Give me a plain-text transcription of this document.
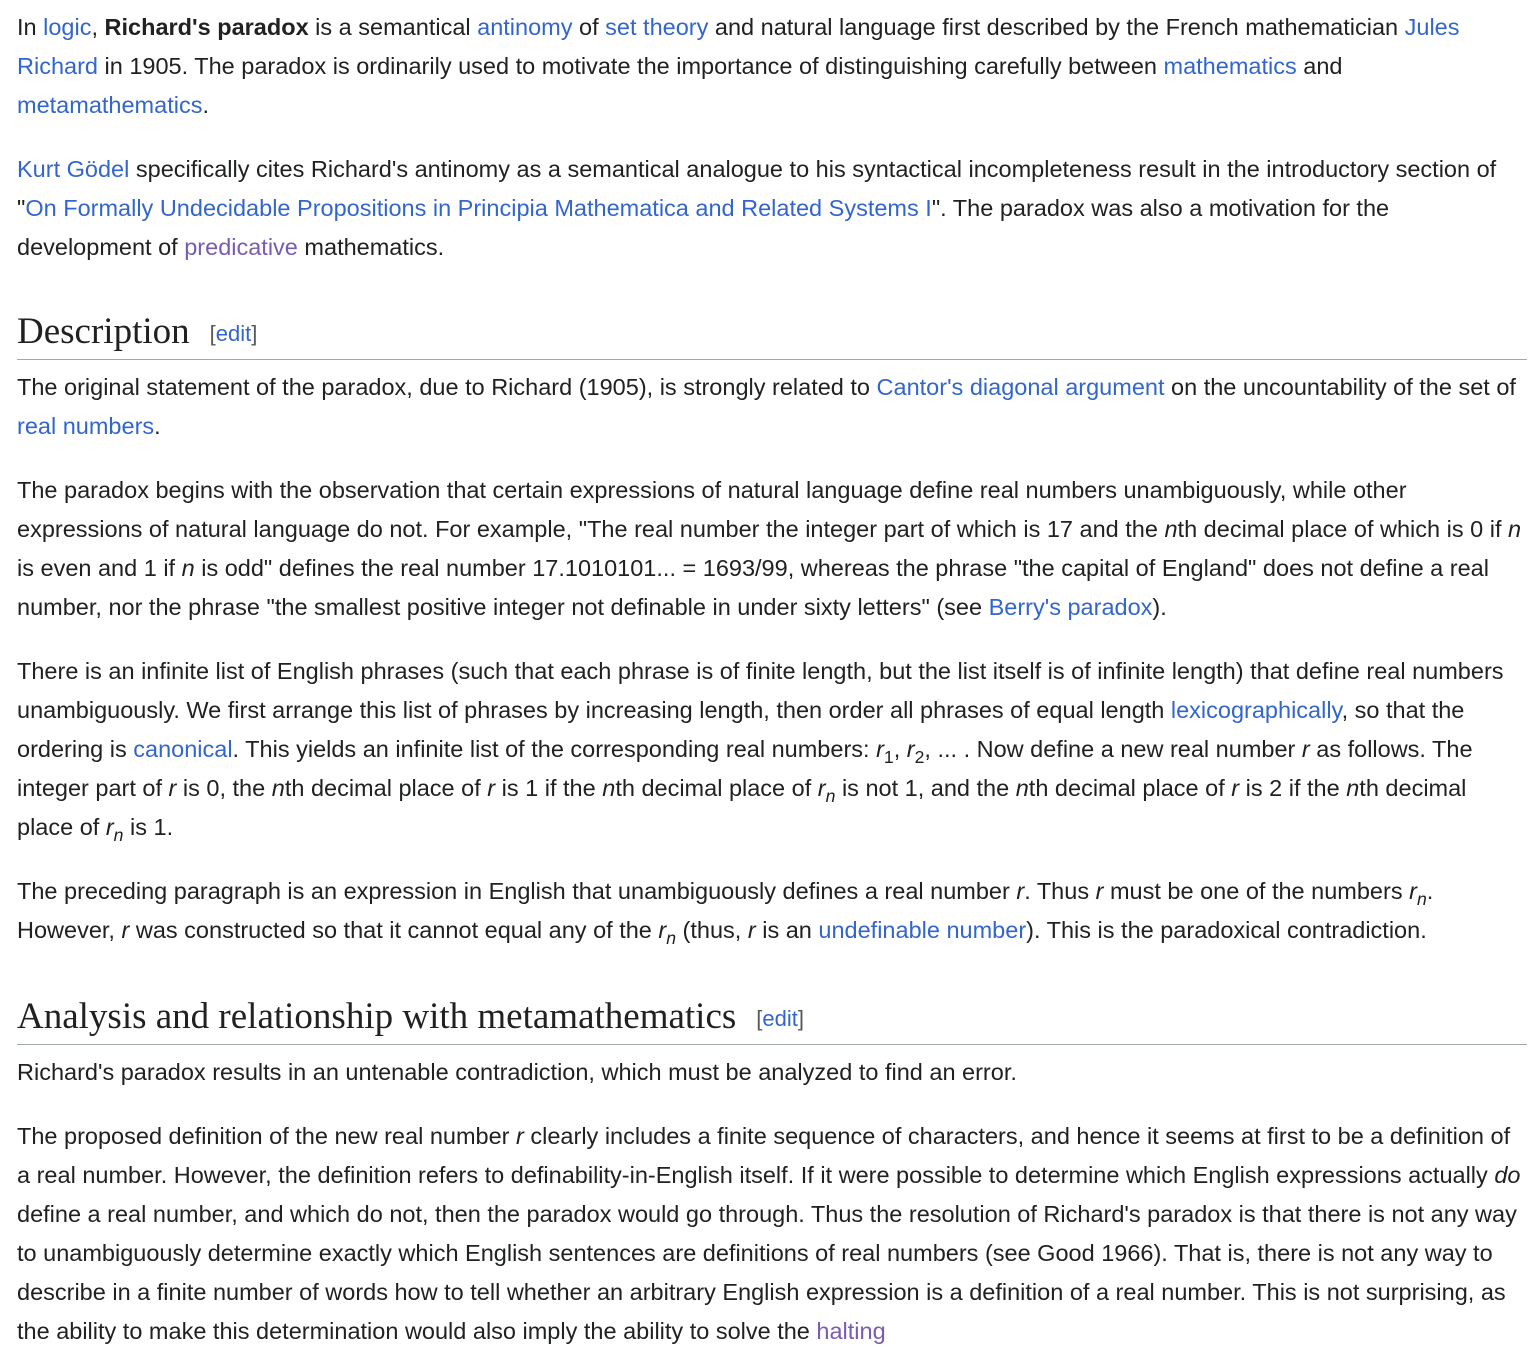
In logic, Richard's paradox is a semantical antinomy of set theory and natural language first described by the French mathematician Jules Richard in 1905. The paradox is ordinarily used to motivate the importance of distinguishing carefully between mathematics and metamathematics.

Kurt Gödel specifically cites Richard's antinomy as a semantical analogue to his syntactical incompleteness result in the introductory section of "On Formally Undecidable Propositions in Principia Mathematica and Related Systems I". The paradox was also a motivation for the development of predicative mathematics.

Description [edit]

The original statement of the paradox, due to Richard (1905), is strongly related to Cantor's diagonal argument on the uncountability of the set of real numbers.

The paradox begins with the observation that certain expressions of natural language define real numbers unambiguously, while other expressions of natural language do not. For example, "The real number the integer part of which is 17 and the nth decimal place of which is 0 if n is even and 1 if n is odd" defines the real number 17.1010101... = 1693/99, whereas the phrase "the capital of England" does not define a real number, nor the phrase "the smallest positive integer not definable in under sixty letters" (see Berry's paradox).

There is an infinite list of English phrases (such that each phrase is of finite length, but the list itself is of infinite length) that define real numbers unambiguously. We first arrange this list of phrases by increasing length, then order all phrases of equal length lexicographically, so that the ordering is canonical. This yields an infinite list of the corresponding real numbers: $r_1$, $r_2$, ... . Now define a new real number r as follows. The integer part of r is 0, the nth decimal place of r is 1 if the nth decimal place of $r_n$ is not 1, and the nth decimal place of r is 2 if the nth decimal place of $r_n$ is 1.

The preceding paragraph is an expression in English that unambiguously defines a real number r. Thus r must be one of the numbers $r_n$. However, r was constructed so that it cannot equal any of the $r_n$ (thus, r is an undefinable number). This is the paradoxical contradiction.

Analysis and relationship with metamathematics [edit]

Richard's paradox results in an untenable contradiction, which must be analyzed to find an error.

The proposed definition of the new real number r clearly includes a finite sequence of characters, and hence it seems at first to be a definition of a real number. However, the definition refers to definability-in-English itself. If it were possible to determine which English expressions actually do define a real number, and which do not, then the paradox would go through. Thus the resolution of Richard's paradox is that there is not any way to unambiguously determine exactly which English sentences are definitions of real numbers (see Good 1966). That is, there is not any way to describe in a finite number of words how to tell whether an arbitrary English expression is a definition of a real number. This is not surprising, as the ability to make this determination would also imply the ability to solve the halting
